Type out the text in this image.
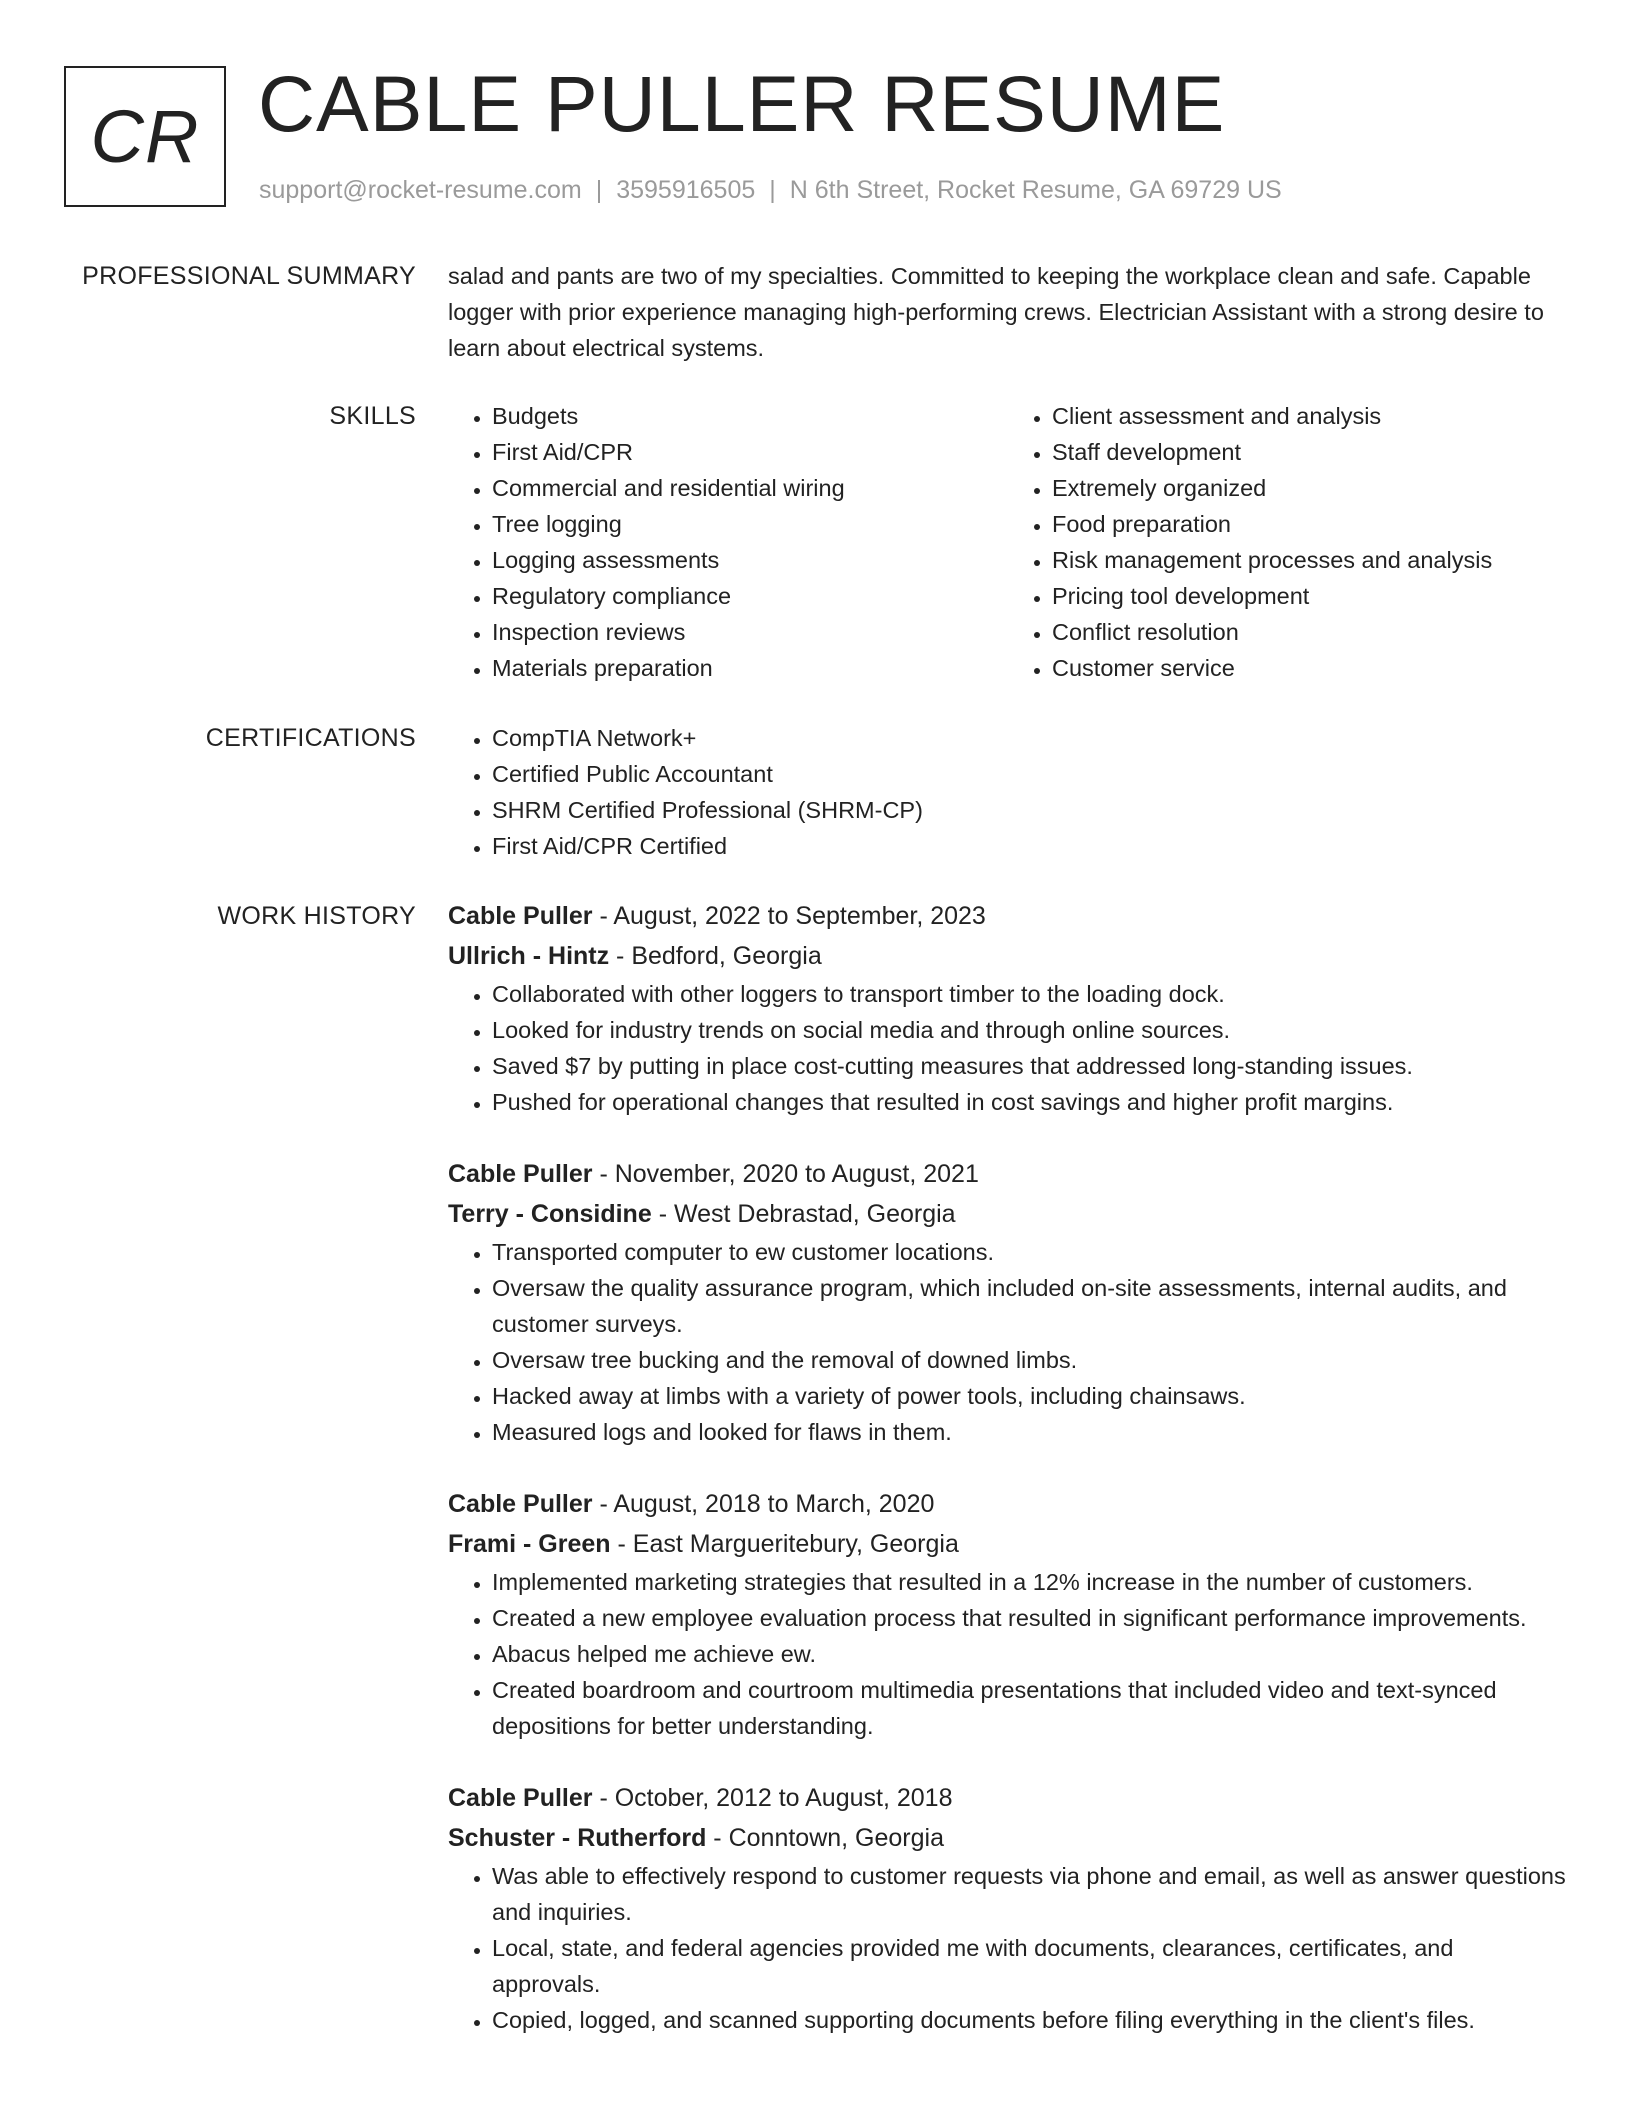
CR CABLE PULLER RESUME
support@rocket-resume.com | 3595916505 | N 6th Street, Rocket Resume, GA 69729 US
PROFESSIONAL SUMMARY salad and pants are two of my specialties. Committed to keeping the workplace clean and safe. Capable logger with prior experience managing high-performing crews. Electrician Assistant with a strong desire to learn about electrical systems.

SKILLS	• Budgets
• First Aid/CPR
• Commercial and residential wiring
• Tree logging
• Logging assessments
• Regulatory compliance
• Inspection reviews
• Materials preparation
• Client assessment and analysis
• Staff development
• Extremely organized
• Food preparation
• Risk management processes and analysis
• Pricing tool development
• Conflict resolution
• Customer service
CERTIFICATIONS	• CompTIA Network+
• Certified Public Accountant
• SHRM Certified Professional (SHRM-CP)
• First Aid/CPR Certified
WORK HISTORY Cable Puller - August, 2022 to September, 2023
Ullrich - Hintz - Bedford, Georgia
• Collaborated with other loggers to transport timber to the loading dock.
• Looked for industry trends on social media and through online sources.
• Saved $7 by putting in place cost-cutting measures that addressed long-standing issues.
• Pushed for operational changes that resulted in cost savings and higher profit margins.
Cable Puller - November, 2020 to August, 2021
Terry - Considine - West Debrastad, Georgia
• Transported computer to ew customer locations.
• Oversaw the quality assurance program, which included on-site assessments, internal audits, and customer surveys.
• Oversaw tree bucking and the removal of downed limbs.
• Hacked away at limbs with a variety of power tools, including chainsaws.
• Measured logs and looked for flaws in them.
Cable Puller - August, 2018 to March, 2020
Frami - Green - East Margueritebury, Georgia
• Implemented marketing strategies that resulted in a 12% increase in the number of customers.
• Created a new employee evaluation process that resulted in significant performance improvements.
• Abacus helped me achieve ew.
• Created boardroom and courtroom multimedia presentations that included video and text-synced depositions for better understanding.
Cable Puller - October, 2012 to August, 2018
Schuster - Rutherford - Conntown, Georgia
• Was able to effectively respond to customer requests via phone and email, as well as answer questions and inquiries.
• Local, state, and federal agencies provided me with documents, clearances, certificates, and approvals.
• Copied, logged, and scanned supporting documents before filing everything in the client's files.
